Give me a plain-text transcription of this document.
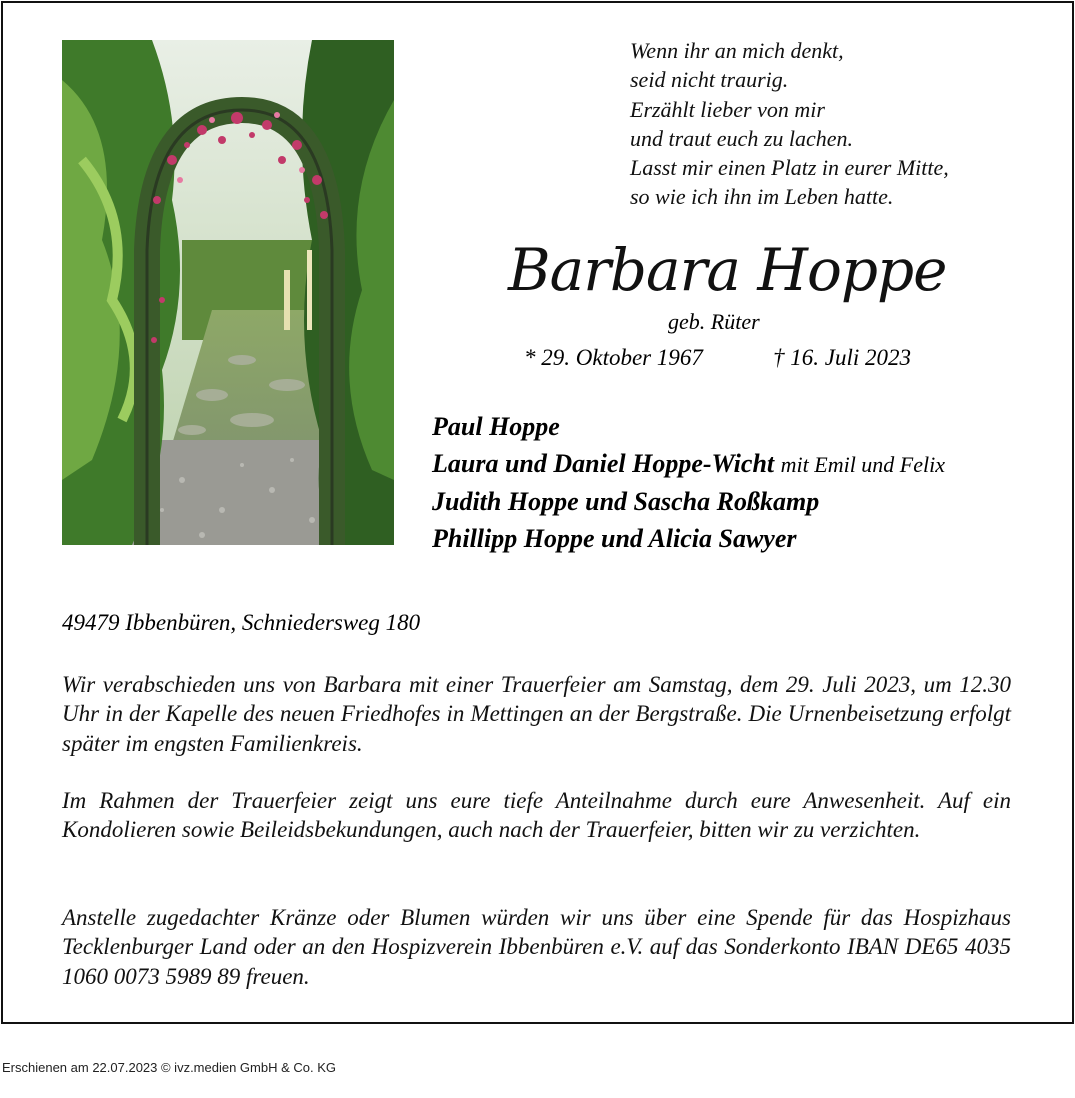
Wenn ihr an mich denkt,
seid nicht traurig.
Erzählt lieber von mir
und traut euch zu lachen.
Lasst mir einen Platz in eurer Mitte,
so wie ich ihn im Leben hatte.
Barbara Hoppe
geb. Rüter
* 29. Oktober 1967	† 16. Juli 2023
Paul Hoppe
Laura und Daniel Hoppe-Wicht mit Emil und Felix
Judith Hoppe und Sascha Roßkamp
Phillipp Hoppe und Alicia Sawyer
49479 Ibbenbüren, Schniedersweg 180
Wir verabschieden uns von Barbara mit einer Trauerfeier am Samstag, dem 29. Juli 2023, um 12.30 Uhr in der Kapelle des neuen Friedhofes in Mettingen an der Bergstraße. Die Urnenbeisetzung erfolgt später im engsten Familienkreis.
Im Rahmen der Trauerfeier zeigt uns eure tiefe Anteilnahme durch eure Anwesenheit. Auf ein Kondolieren sowie Beileidsbekundungen, auch nach der Trauerfeier, bitten wir zu verzichten.
Anstelle zugedachter Kränze oder Blumen würden wir uns über eine Spende für das Hospizhaus Tecklenburger Land oder an den Hospizverein Ibbenbüren e.V. auf das Sonderkonto IBAN DE65 4035 1060 0073 5989 89 freuen.
Erschienen am 22.07.2023 © ivz.medien GmbH & Co. KG
